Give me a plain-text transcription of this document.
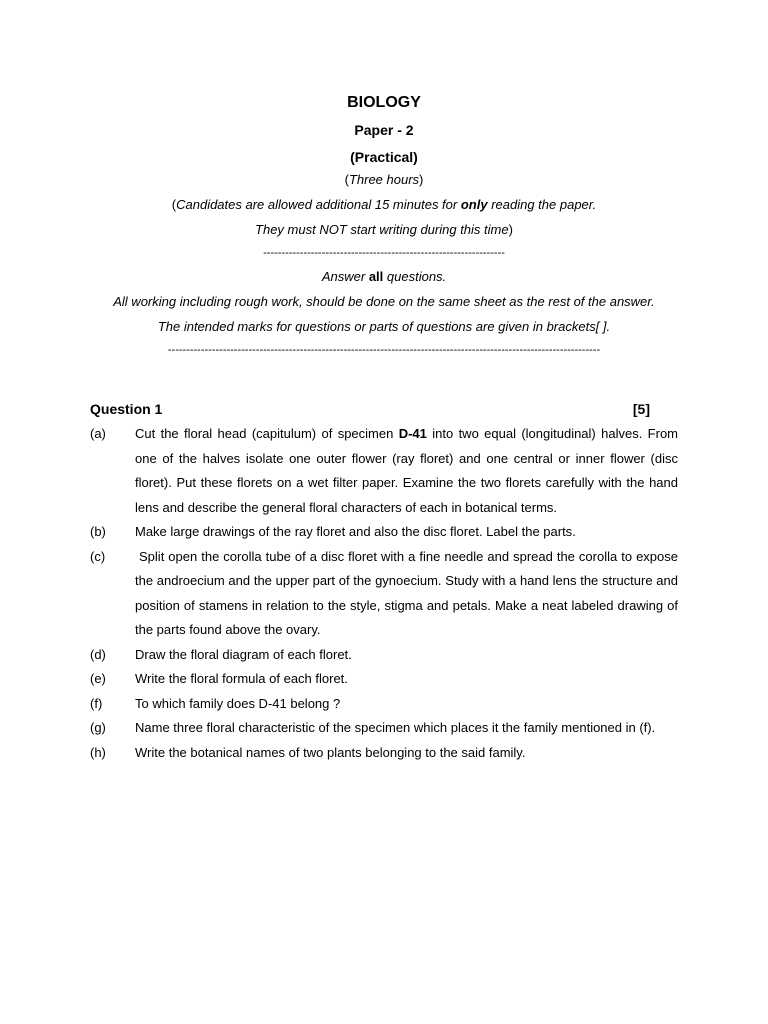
BIOLOGY
Paper - 2
(Practical)
(Three hours)
(Candidates are allowed additional 15 minutes for only reading the paper.
They must NOT start writing during this time)
------------------------------------------------------------------
Answer all questions.
All working including rough work, should be done on the same sheet as the rest of the answer.
The intended marks for questions or parts of questions are given in brackets[ ].
----------------------------------------------------------------------------------------------------------------------
Question 1	[5]
(a)	Cut the floral head (capitulum) of specimen D-41 into two equal (longitudinal) halves. From one of the halves isolate one outer flower (ray floret) and one central or inner flower (disc floret). Put these florets on a wet filter paper. Examine the two florets carefully with the hand lens and describe the general floral characters of each in botanical terms.
(b)	Make large drawings of the ray floret and also the disc floret. Label the parts.
(c)	Split open the corolla tube of a disc floret with a fine needle and spread the corolla to expose the androecium and the upper part of the gynoecium. Study with a hand lens the structure and position of stamens in relation to the style, stigma and petals. Make a neat labeled drawing of the parts found above the ovary.
(d)	Draw the floral diagram of each floret.
(e)	Write the floral formula of each floret.
(f)	To which family does D-41 belong ?
(g)	Name three floral characteristic of the specimen which places it the family mentioned in (f).
(h)	Write the botanical names of two plants belonging to the said family.
